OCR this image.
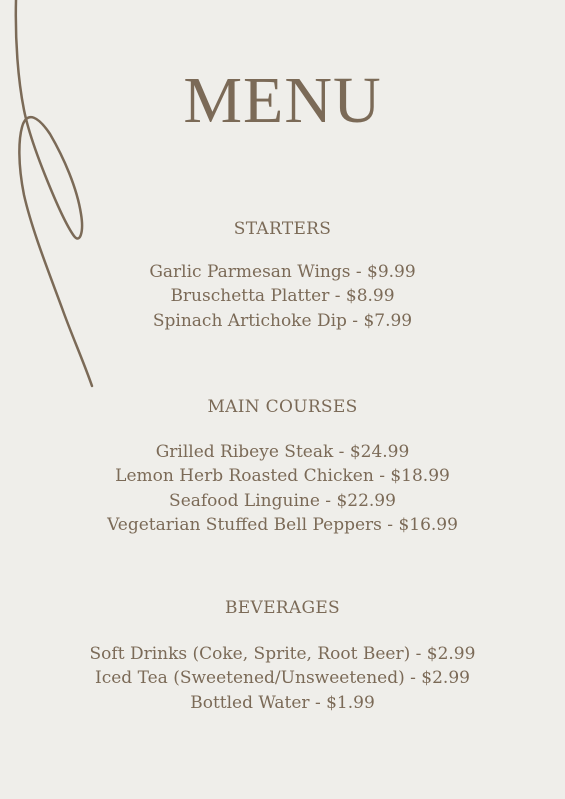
MENU
STARTERS
Garlic Parmesan Wings - $9.99
Bruschetta Platter - $8.99
Spinach Artichoke Dip - $7.99
MAIN COURSES
Grilled Ribeye Steak - $24.99
Lemon Herb Roasted Chicken - $18.99
Seafood Linguine - $22.99
Vegetarian Stuffed Bell Peppers - $16.99
BEVERAGES
Soft Drinks (Coke, Sprite, Root Beer) - $2.99
Iced Tea (Sweetened/Unsweetened) - $2.99
Bottled Water - $1.99
